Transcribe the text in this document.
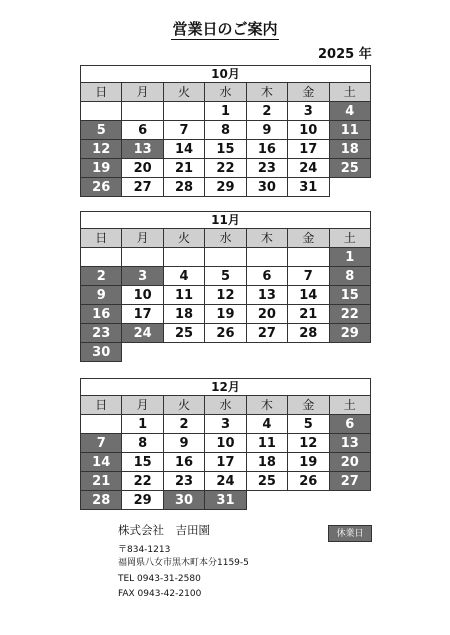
営業日のご案内
2025 年
10月
日	月	火	水	木	金	土
			1	2	3	4
5	6	7	8	9	10	11
12	13	14	15	16	17	18
19	20	21	22	23	24	25
26	27	28	29	30	31	
11月
日	月	火	水	木	金	土
						1
2	3	4	5	6	7	8
9	10	11	12	13	14	15
16	17	18	19	20	21	22
23	24	25	26	27	28	29
30						
12月
日	月	火	水	木	金	土
	1	2	3	4	5	6
7	8	9	10	11	12	13
14	15	16	17	18	19	20
21	22	23	24	25	26	27
28	29	30	31			
株式会社　吉田園
〒834-1213
福岡県八女市黒木町本分1159-5
TEL 0943-31-2580
FAX 0943-42-2100
休業日
